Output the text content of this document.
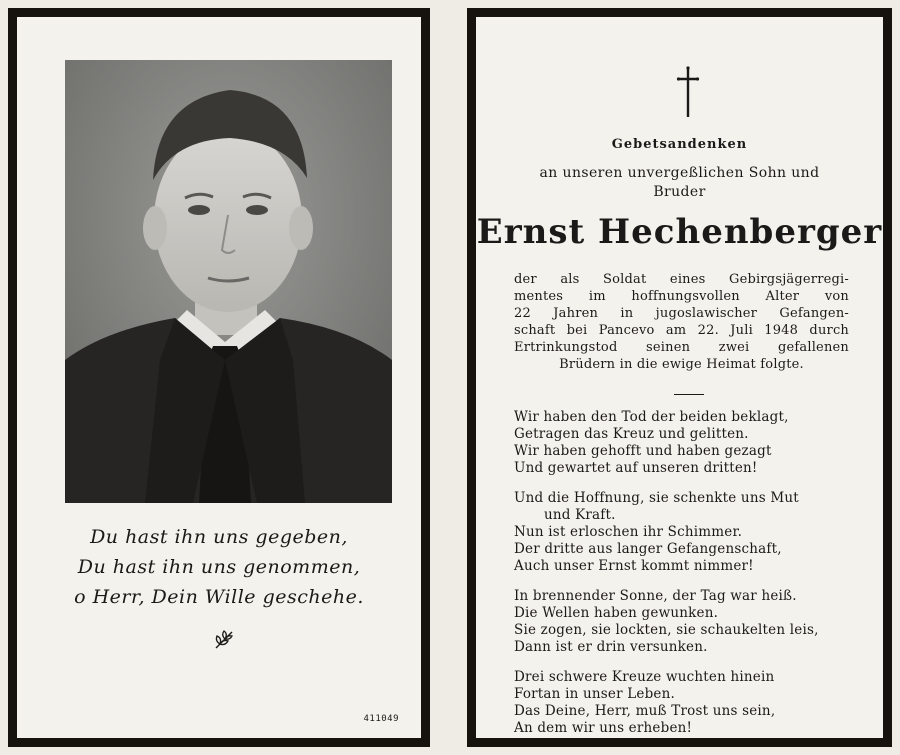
Du hast ihn uns gegeben,
Du hast ihn uns genommen,
o Herr, Dein Wille geschehe.
411049
Gebetsandenken
an unseren unvergeßlichen Sohn und
Bruder
Ernst Hechenberger
der als Soldat eines Gebirgsjägerregi-
mentes im hoffnungsvollen Alter von
22 Jahren in jugoslawischer Gefangen-
schaft bei Pancevo am 22. Juli 1948 durch
Ertrinkungstod seinen zwei gefallenen
Brüdern in die ewige Heimat folgte.
Wir haben den Tod der beiden beklagt,
Getragen das Kreuz und gelitten.
Wir haben gehofft und haben gezagt
Und gewartet auf unseren dritten!
Und die Hoffnung, sie schenkte uns Mut
und Kraft.
Nun ist erloschen ihr Schimmer.
Der dritte aus langer Gefangenschaft,
Auch unser Ernst kommt nimmer!
In brennender Sonne, der Tag war heiß.
Die Wellen haben gewunken.
Sie zogen, sie lockten, sie schaukelten leis,
Dann ist er drin versunken.
Drei schwere Kreuze wuchten hinein
Fortan in unser Leben.
Das Deine, Herr, muß Trost uns sein,
An dem wir uns erheben!
